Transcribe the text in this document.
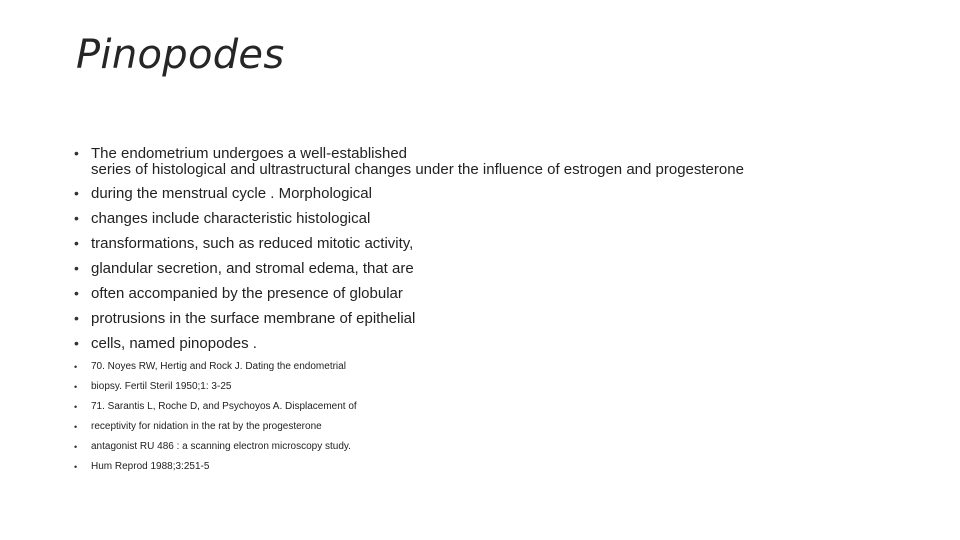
Pinopodes
• The endometrium undergoes a well-established
series of histological and ultrastructural changes under the influence of estrogen and progesterone
• during the menstrual cycle . Morphological
• changes include characteristic histological
• transformations, such as reduced mitotic activity,
• glandular secretion, and stromal edema, that are
• often accompanied by the presence of globular
• protrusions in the surface membrane of epithelial
• cells, named pinopodes .
• 70. Noyes RW, Hertig and Rock J. Dating the endometrial
• biopsy. Fertil Steril 1950;1: 3-25
• 71. Sarantis L, Roche D, and Psychoyos A. Displacement of
• receptivity for nidation in the rat by the progesterone
• antagonist RU 486 : a scanning electron microscopy study.
• Hum Reprod 1988;3:251-5
